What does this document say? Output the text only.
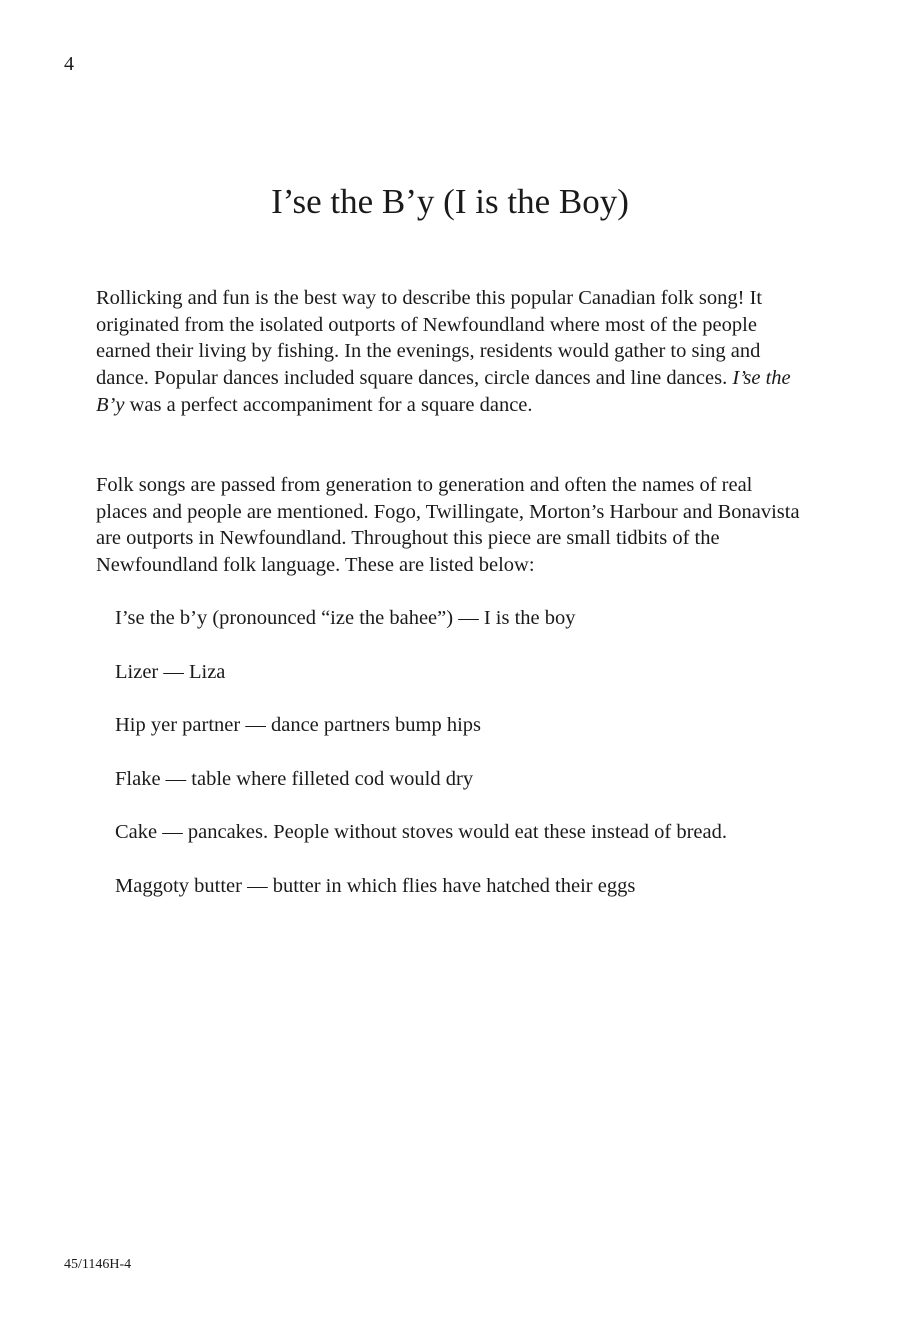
4
I’se the B’y (I is the Boy)

Rollicking and fun is the best way to describe this popular Canadian folk song! It originated from the isolated outports of Newfoundland where most of the people earned their living by fishing. In the evenings, residents would gather to sing and dance. Popular dances included square dances, circle dances and line dances. I’se the B’y was a perfect accompaniment for a square dance.

Folk songs are passed from generation to generation and often the names of real places and people are mentioned. Fogo, Twillingate, Morton’s Harbour and Bonavista are outports in Newfoundland. Throughout this piece are small tidbits of the Newfoundland folk language. These are listed below:

I’se the b’y (pronounced “ize the bahee”) — I is the boy
Lizer — Liza
Hip yer partner — dance partners bump hips
Flake — table where filleted cod would dry
Cake — pancakes. People without stoves would eat these instead of bread.
Maggoty butter — butter in which flies have hatched their eggs
45/1146H-4
